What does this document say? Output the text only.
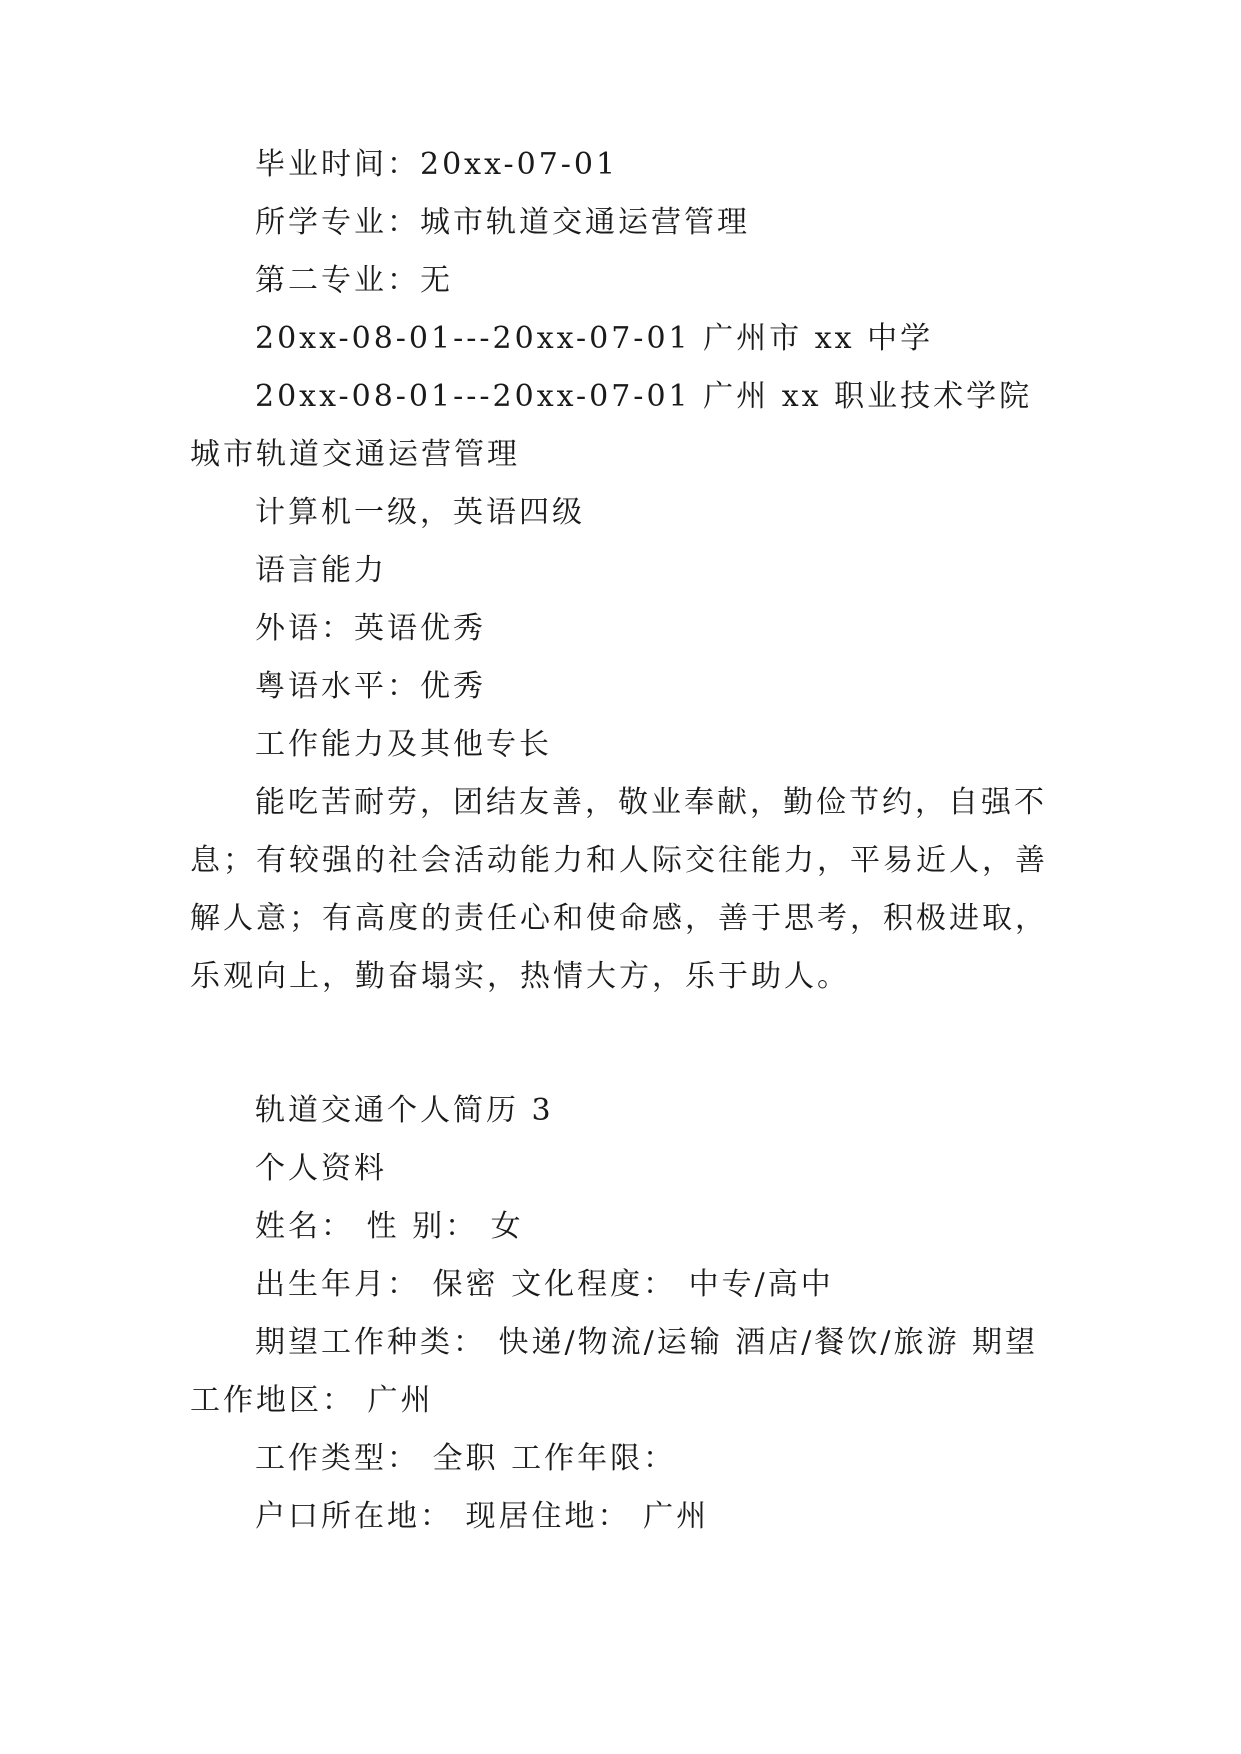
毕业时间：20xx-07-01

所学专业：城市轨道交通运营管理

第二专业：无

20xx-08-01---20xx-07-01 广州市 xx 中学

20xx-08-01---20xx-07-01 广州 xx 职业技术学院城市轨道交通运营管理

计算机一级，英语四级

语言能力

外语：英语优秀

粤语水平：优秀

工作能力及其他专长

能吃苦耐劳，团结友善，敬业奉献，勤俭节约，自强不息；有较强的社会活动能力和人际交往能力，平易近人，善解人意；有高度的责任心和使命感，善于思考，积极进取，乐观向上，勤奋塌实，热情大方，乐于助人。

轨道交通个人简历 3

个人资料

姓名： 性 别： 女

出生年月： 保密 文化程度： 中专/高中

期望工作种类： 快递/物流/运输 酒店/餐饮/旅游 期望工作地区： 广州

工作类型： 全职 工作年限：

户口所在地： 现居住地： 广州
